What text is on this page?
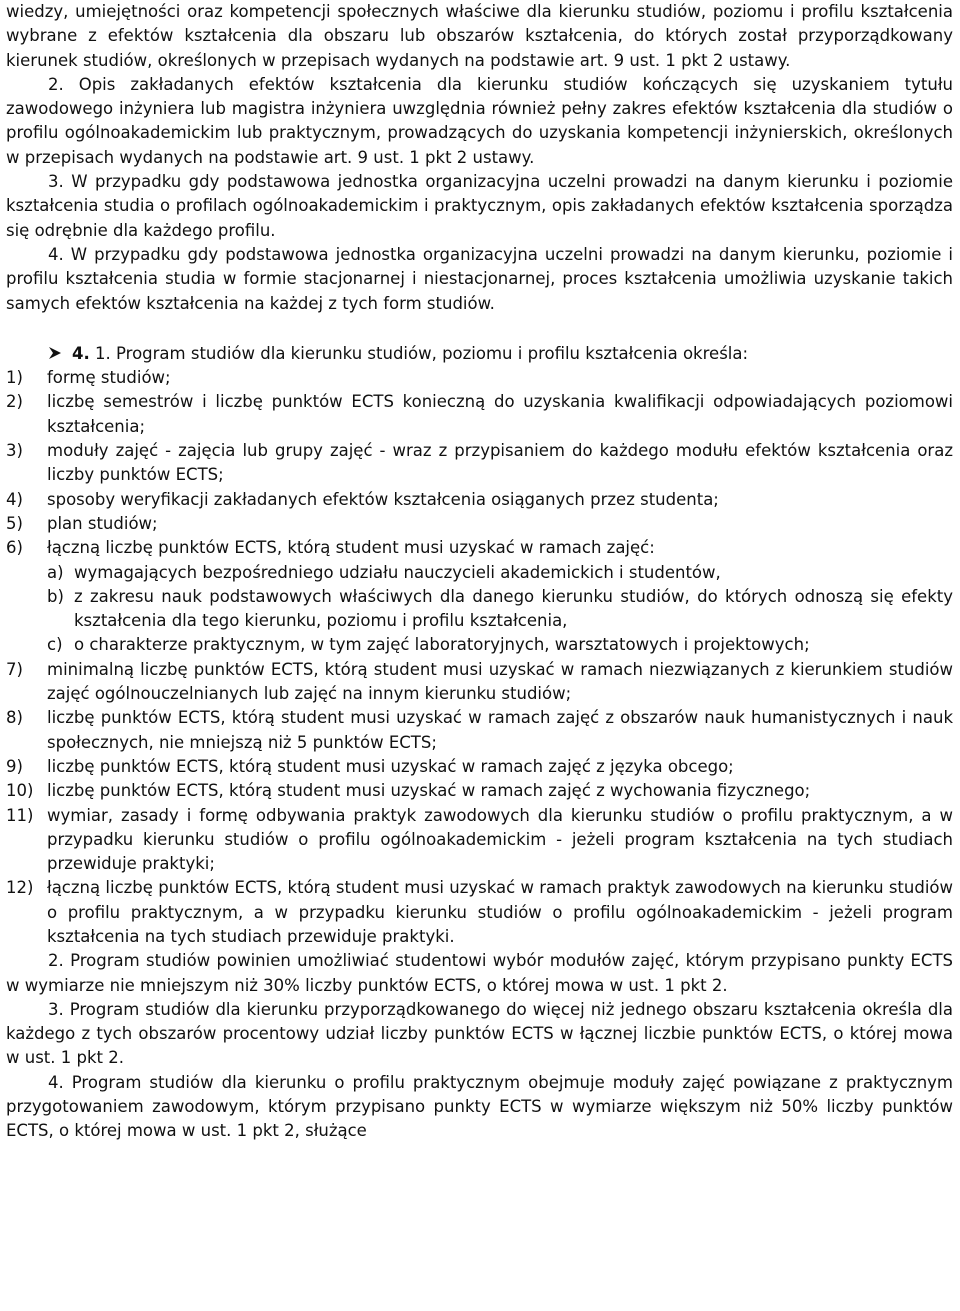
wiedzy, umiejętności oraz kompetencji społecznych właściwe dla kierunku studiów, poziomu i profilu kształcenia wybrane z efektów kształcenia dla obszaru lub obszarów kształcenia, do których został przyporządkowany kierunek studiów, określonych w przepisach wydanych na podstawie art. 9 ust. 1 pkt 2 ustawy.

2. Opis zakładanych efektów kształcenia dla kierunku studiów kończących się uzyskaniem tytułu zawodowego inżyniera lub magistra inżyniera uwzględnia również pełny zakres efektów kształcenia dla studiów o profilu ogólnoakademickim lub praktycznym, prowadzących do uzyskania kompetencji inżynierskich, określonych w przepisach wydanych na podstawie art. 9 ust. 1 pkt 2 ustawy.

3. W przypadku gdy podstawowa jednostka organizacyjna uczelni prowadzi na danym kierunku i poziomie kształcenia studia o profilach ogólnoakademickim i praktycznym, opis zakładanych efektów kształcenia sporządza się odrębnie dla każdego profilu.

4. W przypadku gdy podstawowa jednostka organizacyjna uczelni prowadzi na danym kierunku, poziomie i profilu kształcenia studia w formie stacjonarnej i niestacjonarnej, proces kształcenia umożliwia uzyskanie takich samych efektów kształcenia na każdej z tych form studiów.

4. 1. Program studiów dla kierunku studiów, poziomu i profilu kształcenia określa:
1)	formę studiów;
2)	liczbę semestrów i liczbę punktów ECTS konieczną do uzyskania kwalifikacji odpowiadających poziomowi kształcenia;
3)	moduły zajęć - zajęcia lub grupy zajęć - wraz z przypisaniem do każdego modułu efektów kształcenia oraz liczby punktów ECTS;
4)	sposoby weryfikacji zakładanych efektów kształcenia osiąganych przez studenta;
5)	plan studiów;
6)	łączną liczbę punktów ECTS, którą student musi uzyskać w ramach zajęć:
a) wymagających bezpośredniego udziału nauczycieli akademickich i studentów,
b) z zakresu nauk podstawowych właściwych dla danego kierunku studiów, do których odnoszą się efekty kształcenia dla tego kierunku, poziomu i profilu kształcenia,
c) o charakterze praktycznym, w tym zajęć laboratoryjnych, warsztatowych i projektowych;
7)	minimalną liczbę punktów ECTS, którą student musi uzyskać w ramach niezwiązanych z kierunkiem studiów zajęć ogólnouczelnianych lub zajęć na innym kierunku studiów;
8)	liczbę punktów ECTS, którą student musi uzyskać w ramach zajęć z obszarów nauk humanistycznych i nauk społecznych, nie mniejszą niż 5 punktów ECTS;
9)	liczbę punktów ECTS, którą student musi uzyskać w ramach zajęć z języka obcego;
10) liczbę punktów ECTS, którą student musi uzyskać w ramach zajęć z wychowania fizycznego;
11) wymiar, zasady i formę odbywania praktyk zawodowych dla kierunku studiów o profilu praktycznym, a w przypadku kierunku studiów o profilu ogólnoakademickim - jeżeli program kształcenia na tych studiach przewiduje praktyki;
12) łączną liczbę punktów ECTS, którą student musi uzyskać w ramach praktyk zawodowych na kierunku studiów o profilu praktycznym, a w przypadku kierunku studiów o profilu ogólnoakademickim - jeżeli program kształcenia na tych studiach przewiduje praktyki.

2. Program studiów powinien umożliwiać studentowi wybór modułów zajęć, którym przypisano punkty ECTS w wymiarze nie mniejszym niż 30% liczby punktów ECTS, o której mowa w ust. 1 pkt 2.

3. Program studiów dla kierunku przyporządkowanego do więcej niż jednego obszaru kształcenia określa dla każdego z tych obszarów procentowy udział liczby punktów ECTS w łącznej liczbie punktów ECTS, o której mowa w ust. 1 pkt 2.

4. Program studiów dla kierunku o profilu praktycznym obejmuje moduły zajęć powiązane z praktycznym przygotowaniem zawodowym, którym przypisano punkty ECTS w wymiarze większym niż 50% liczby punktów ECTS, o której mowa w ust. 1 pkt 2, służące
